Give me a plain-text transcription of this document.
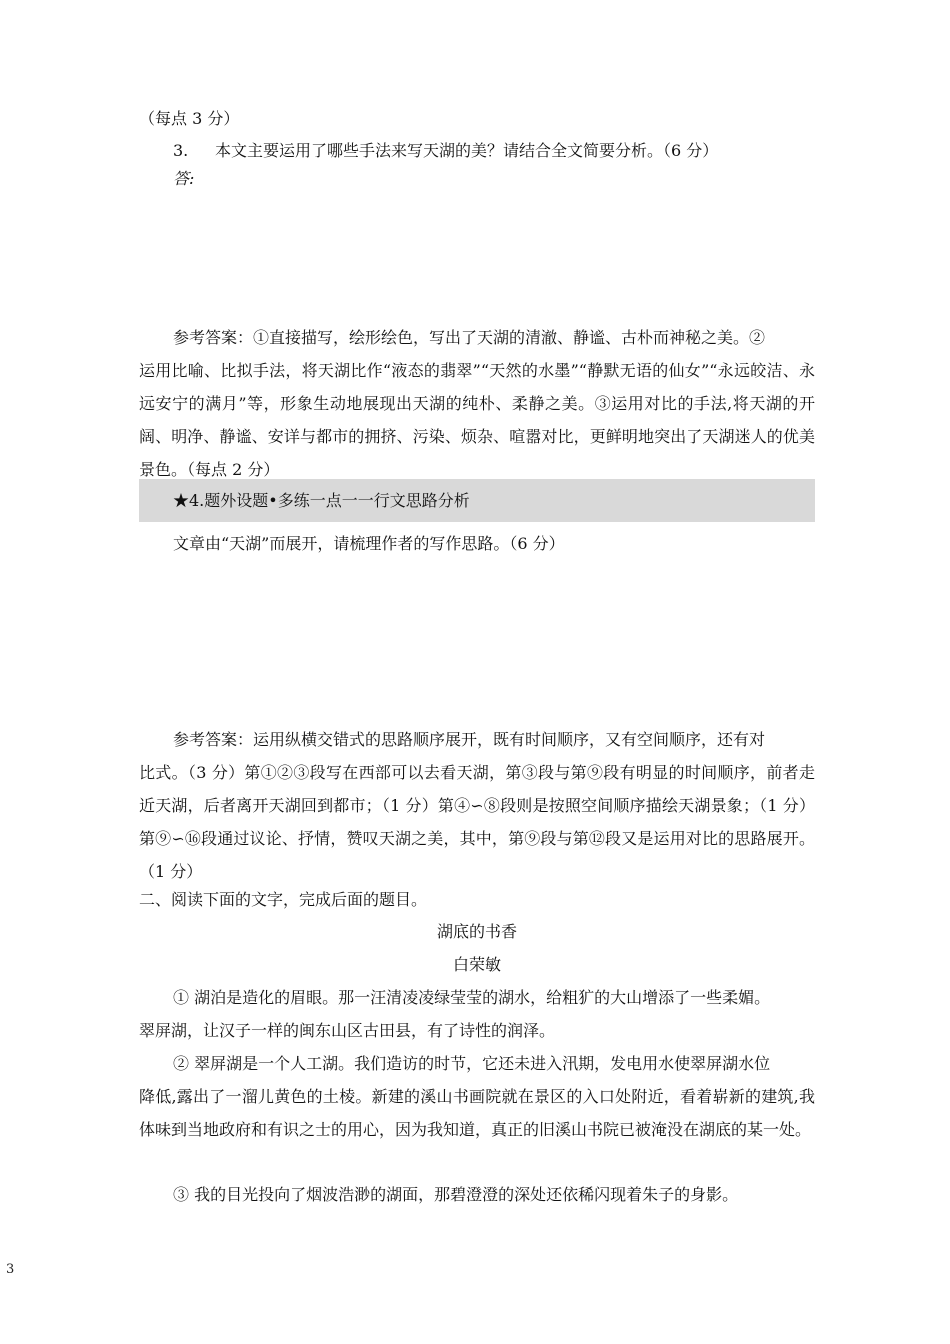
（每点 3 分）
3. 本文主要运用了哪些手法来写天湖的美？请结合全文简要分析。（6 分）
答:
参考答案：①直接描写，绘形绘色，写出了天湖的清澈、静谧、古朴而神秘之美。②
运用比喻、比拟手法，将天湖比作“液态的翡翠”“天然的水墨”“静默无语的仙女”“永远皎洁、永远安宁的满月”等，形象生动地展现出天湖的纯朴、柔静之美。③运用对比的手法,将天湖的开阔、明净、静谧、安详与都市的拥挤、污染、烦杂、喧嚣对比，更鲜明地突出了天湖迷人的优美景色。（每点 2 分）
★4.题外设题•多练一点一一行文思路分析
文章由“天湖”而展开，请梳理作者的写作思路。（6 分）
参考答案：运用纵横交错式的思路顺序展开，既有时间顺序，又有空间顺序，还有对
比式。（3 分）第①②③段写在西部可以去看天湖，第③段与第⑨段有明显的时间顺序，前者走近天湖，后者离开天湖回到都市；（1 分）第④∽⑧段则是按照空间顺序描绘天湖景象；（1 分）第⑨∽⑯段通过议论、抒情，赞叹天湖之美，其中，第⑨段与第⑫段又是运用对比的思路展开。（1 分）
二、阅读下面的文字，完成后面的题目。
湖底的书香
白荣敏
① 湖泊是造化的眉眼。那一汪清凌凌绿莹莹的湖水，给粗犷的大山增添了一些柔媚。
翠屏湖，让汉子一样的闽东山区古田县，有了诗性的润泽。
② 翠屏湖是一个人工湖。我们造访的时节，它还未进入汛期，发电用水使翠屏湖水位
降低,露出了一溜儿黄色的土棱。新建的溪山书画院就在景区的入口处附近，看着崭新的建筑,我体味到当地政府和有识之士的用心，因为我知道，真正的旧溪山书院已被淹没在湖底的某一处。
③ 我的目光投向了烟波浩渺的湖面，那碧澄澄的深处还依稀闪现着朱子的身影。
3
